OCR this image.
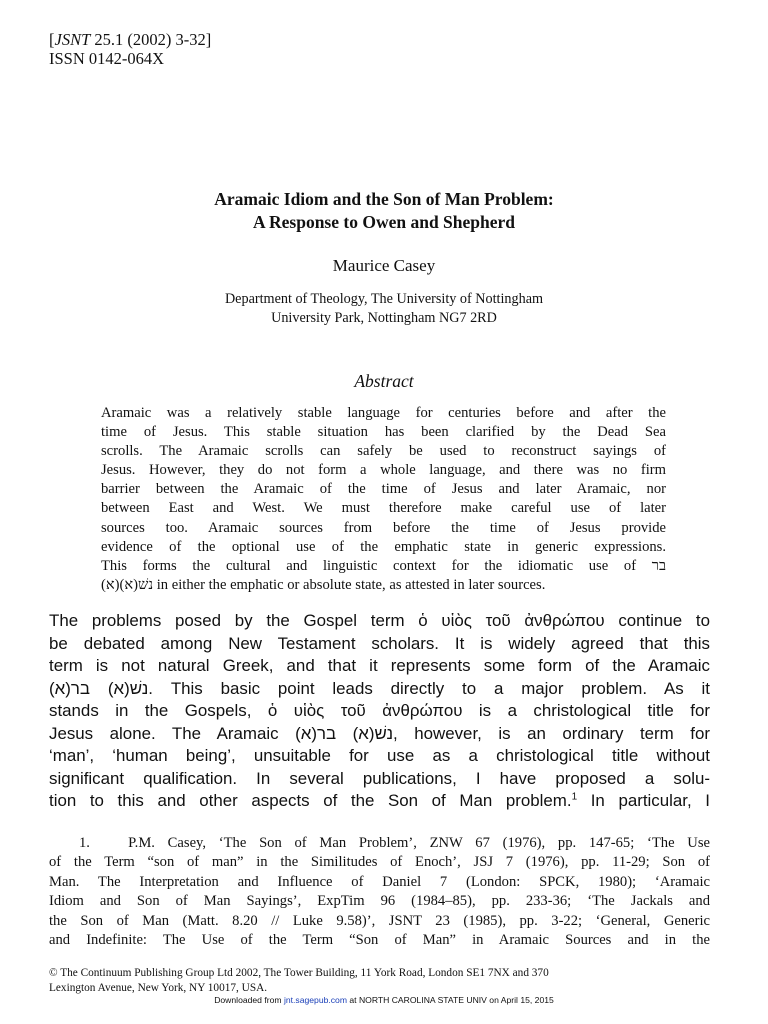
[JSNT 25.1 (2002) 3-32]
ISSN 0142-064X
Aramaic Idiom and the Son of Man Problem:
A Response to Owen and Shepherd
Maurice Casey
Department of Theology, The University of Nottingham
University Park, Nottingham NG7 2RD
Abstract
Aramaic was a relatively stable language for centuries before and after the
time of Jesus. This stable situation has been clarified by the Dead Sea
scrolls. The Aramaic scrolls can safely be used to reconstruct sayings of
Jesus. However, they do not form a whole language, and there was no firm
barrier between the Aramaic of the time of Jesus and later Aramaic, nor
between East and West. We must therefore make careful use of later
sources too. Aramaic sources from before the time of Jesus provide
evidence of the optional use of the emphatic state in generic expressions.
This forms the cultural and linguistic context for the idiomatic use of בר
(א)נשׁ(א) in either the emphatic or absolute state, as attested in later sources.
The problems posed by the Gospel term ὁ υἱὸς τοῦ ἀνθρώπου continue to
be debated among New Testament scholars. It is widely agreed that this
term is not natural Greek, and that it represents some form of the Aramaic
(א)נשׁ(א) בר. This basic point leads directly to a major problem. As it
stands in the Gospels, ὁ υἱὸς τοῦ ἀνθρώπου is a christological title for
Jesus alone. The Aramaic (א)נשׁ(א) בר, however, is an ordinary term for
‘man’, ‘human being’, unsuitable for use as a christological title without
significant qualification. In several publications, I have proposed a solu-
tion to this and other aspects of the Son of Man problem.$^1$ In particular, I
1.	P.M. Casey, ‘The Son of Man Problem’, ZNW 67 (1976), pp. 147-65; ‘The Use
of the Term “son of man” in the Similitudes of Enoch’, JSJ 7 (1976), pp. 11-29; Son of
Man. The Interpretation and Influence of Daniel 7 (London: SPCK, 1980); ‘Aramaic
Idiom and Son of Man Sayings’, ExpTim 96 (1984–85), pp. 233-36; ‘The Jackals and
the Son of Man (Matt. 8.20 // Luke 9.58)’, JSNT 23 (1985), pp. 3-22; ‘General, Generic
and Indefinite: The Use of the Term “Son of Man” in Aramaic Sources and in the
© The Continuum Publishing Group Ltd 2002, The Tower Building, 11 York Road, London SE1 7NX and 370
Lexington Avenue, New York, NY 10017, USA.
Downloaded from jnt.sagepub.com at NORTH CAROLINA STATE UNIV on April 15, 2015
